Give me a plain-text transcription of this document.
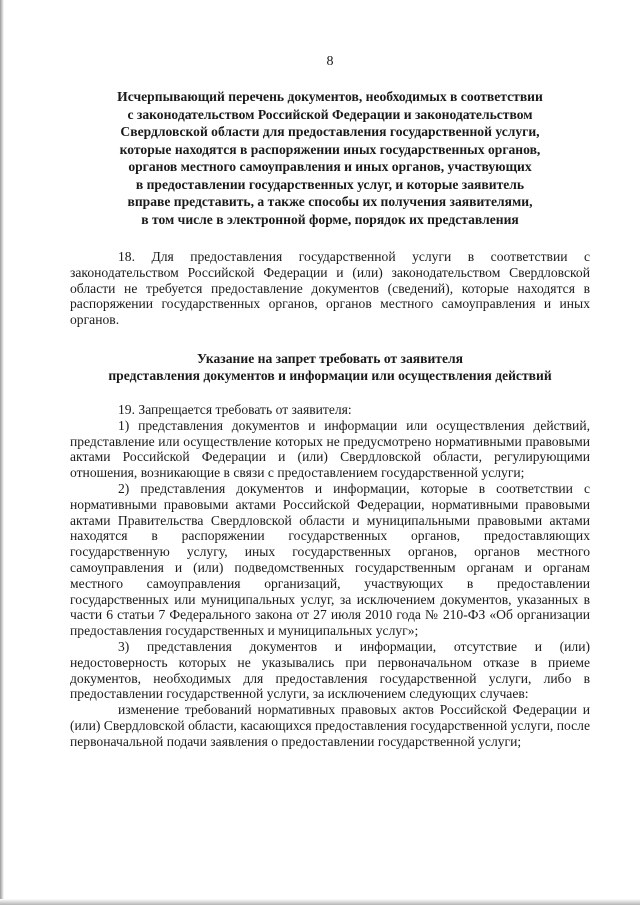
8
Исчерпывающий перечень документов, необходимых в соответствии
с законодательством Российской Федерации и законодательством
Свердловской области для предоставления государственной услуги,
которые находятся в распоряжении иных государственных органов,
органов местного самоуправления и иных органов, участвующих
в предоставлении государственных услуг, и которые заявитель
вправе представить, а также способы их получения заявителями,
в том числе в электронной форме, порядок их представления

18. Для предоставления государственной услуги в соответствии с законодательством Российской Федерации и (или) законодательством Свердловской области не требуется предоставление документов (сведений), которые находятся в распоряжении государственных органов, органов местного самоуправления и иных органов.

Указание на запрет требовать от заявителя
представления документов и информации или осуществления действий

19. Запрещается требовать от заявителя:

1) представления документов и информации или осуществления действий, представление или осуществление которых не предусмотрено нормативными правовыми актами Российской Федерации и (или) Свердловской области, регулирующими отношения, возникающие в связи с предоставлением государственной услуги;

2) представления документов и информации, которые в соответствии с нормативными правовыми актами Российской Федерации, нормативными правовыми актами Правительства Свердловской области и муниципальными правовыми актами находятся в распоряжении государственных органов, предоставляющих государственную услугу, иных государственных органов, органов местного самоуправления и (или) подведомственных государственным органам и органам местного самоуправления организаций, участвующих в предоставлении государственных или муниципальных услуг, за исключением документов, указанных в части 6 статьи 7 Федерального закона от 27 июля 2010 года № 210-ФЗ «Об организации предоставления государственных и муниципальных услуг»;

3) представления документов и информации, отсутствие и (или) недостоверность которых не указывались при первоначальном отказе в приеме документов, необходимых для предоставления государственной услуги, либо в предоставлении государственной услуги, за исключением следующих случаев:

изменение требований нормативных правовых актов Российской Федерации и (или) Свердловской области, касающихся предоставления государственной услуги, после первоначальной подачи заявления о предоставлении государственной услуги;
